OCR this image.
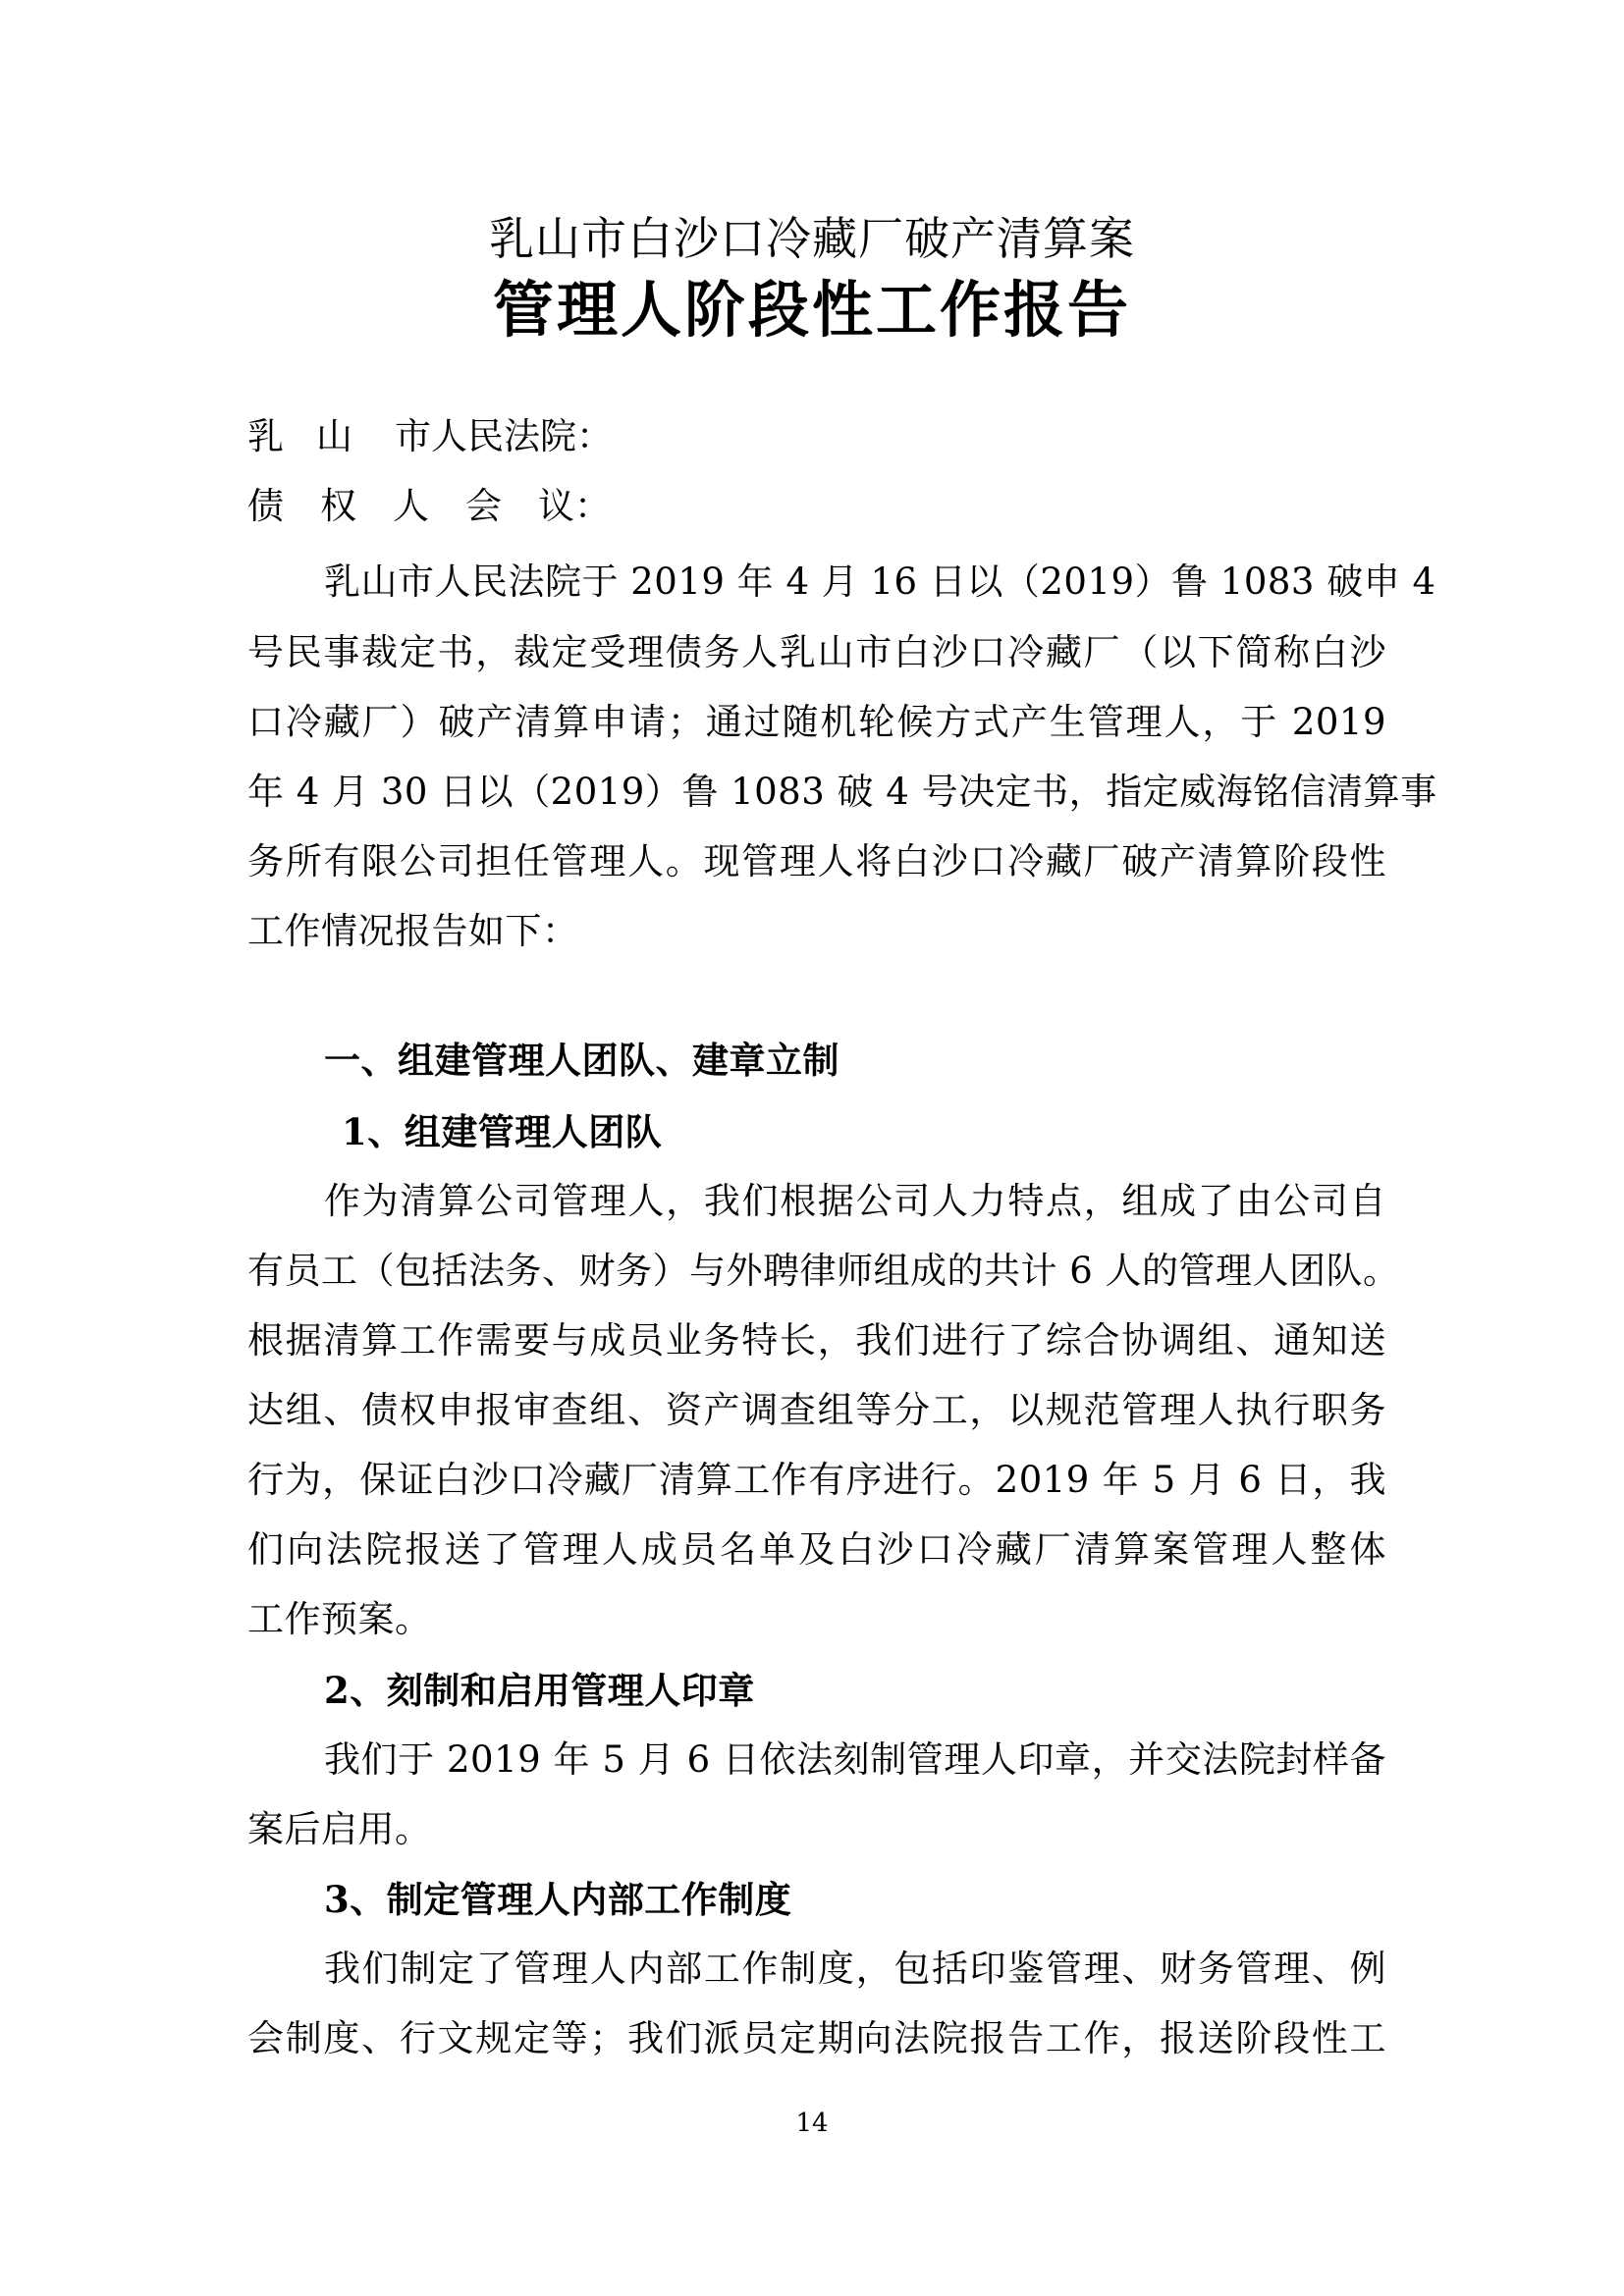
乳山市白沙口冷藏厂破产清算案
管理人阶段性工作报告
乳 山 市人民法院：
债 权 人 会 议：
乳山市人民法院于 2019 年 4 月 16 日以（2019）鲁 1083 破申 4
号民事裁定书，裁定受理债务人乳山市白沙口冷藏厂（以下简称白沙
口冷藏厂）破产清算申请；通过随机轮候方式产生管理人，于 2019
年 4 月 30 日以（2019）鲁 1083 破 4 号决定书，指定威海铭信清算事
务所有限公司担任管理人。现管理人将白沙口冷藏厂破产清算阶段性
工作情况报告如下：
一、组建管理人团队、建章立制
1、组建管理人团队
作为清算公司管理人，我们根据公司人力特点，组成了由公司自
有员工（包括法务、财务）与外聘律师组成的共计 6 人的管理人团队。
根据清算工作需要与成员业务特长，我们进行了综合协调组、通知送
达组、债权申报审查组、资产调查组等分工，以规范管理人执行职务
行为，保证白沙口冷藏厂清算工作有序进行。2019 年 5 月 6 日，我
们向法院报送了管理人成员名单及白沙口冷藏厂清算案管理人整体
工作预案。
2、刻制和启用管理人印章
我们于 2019 年 5 月 6 日依法刻制管理人印章，并交法院封样备
案后启用。
3、制定管理人内部工作制度
我们制定了管理人内部工作制度，包括印鉴管理、财务管理、例
会制度、行文规定等；我们派员定期向法院报告工作，报送阶段性工
14
